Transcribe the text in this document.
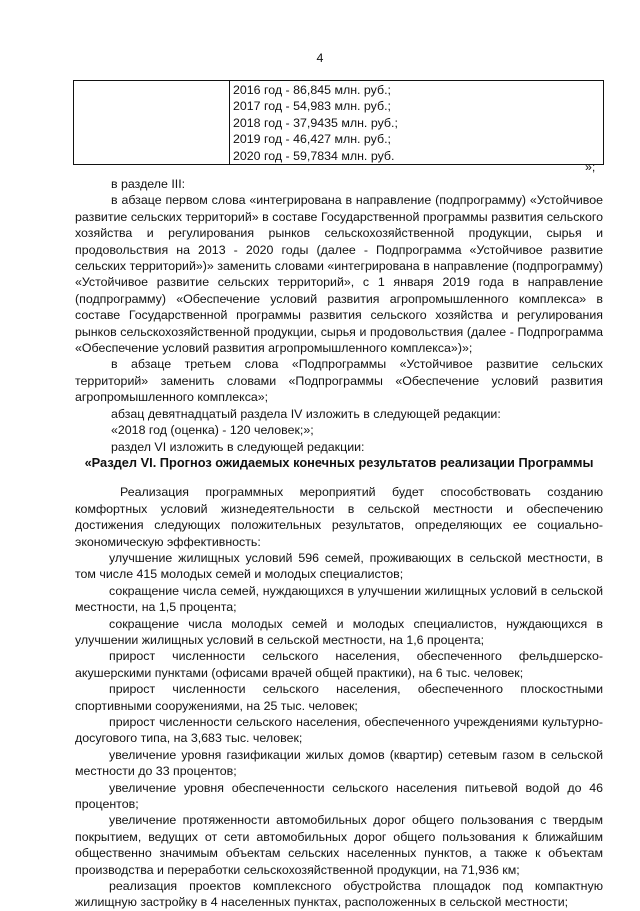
4

2016 год - 86,845 млн. руб.;
2017 год - 54,983 млн. руб.;
2018 год - 37,9435 млн. руб.;
2019 год - 46,427 млн. руб.;
2020 год - 59,7834 млн. руб.
»;

в разделе III:

в абзаце первом слова «интегрирована в направление (подпрограмму) «Устойчивое развитие сельских территорий» в составе Государственной программы развития сельского хозяйства и регулирования рынков сельскохозяйственной продукции, сырья и продовольствия на 2013 - 2020 годы (далее - Подпрограмма «Устойчивое развитие сельских территорий»)» заменить словами «интегрирована в направление (подпрограмму) «Устойчивое развитие сельских территорий», с 1 января 2019 года в направление (подпрограмму) «Обеспечение условий развития агропромышленного комплекса» в составе Государственной программы развития сельского хозяйства и регулирования рынков сельскохозяйственной продукции, сырья и продовольствия (далее - Подпрограмма «Обеспечение условий развития агропромышленного комплекса»)»;

в абзаце третьем слова «Подпрограммы «Устойчивое развитие сельских территорий» заменить словами «Подпрограммы «Обеспечение условий развития агропромышленного комплекса»;

абзац девятнадцатый раздела IV изложить в следующей редакции:

«2018 год (оценка) - 120 человек;»;

раздел VI изложить в следующей редакции:

«Раздел VI. Прогноз ожидаемых конечных результатов реализации Программы

Реализация программных мероприятий будет способствовать созданию комфортных условий жизнедеятельности в сельской местности и обеспечению достижения следующих положительных результатов, определяющих ее социально-экономическую эффективность:

улучшение жилищных условий 596 семей, проживающих в сельской местности, в том числе 415 молодых семей и молодых специалистов;

сокращение числа семей, нуждающихся в улучшении жилищных условий в сельской местности, на 1,5 процента;

сокращение числа молодых семей и молодых специалистов, нуждающихся в улучшении жилищных условий в сельской местности, на 1,6 процента;

прирост численности сельского населения, обеспеченного фельдшерско-акушерскими пунктами (офисами врачей общей практики), на 6 тыс. человек;

прирост численности сельского населения, обеспеченного плоскостными спортивными сооружениями, на 25 тыс. человек;

прирост численности сельского населения, обеспеченного учреждениями культурно-досугового типа, на 3,683 тыс. человек;

увеличение уровня газификации жилых домов (квартир) сетевым газом в сельской местности до 33 процентов;

увеличение уровня обеспеченности сельского населения питьевой водой до 46 процентов;

увеличение протяженности автомобильных дорог общего пользования с твердым покрытием, ведущих от сети автомобильных дорог общего пользования к ближайшим общественно значимым объектам сельских населенных пунктов, а также к объектам производства и переработки сельскохозяйственной продукции, на 71,936 км;

реализация проектов комплексного обустройства площадок под компактную жилищную застройку в 4 населенных пунктах, расположенных в сельской местности;
